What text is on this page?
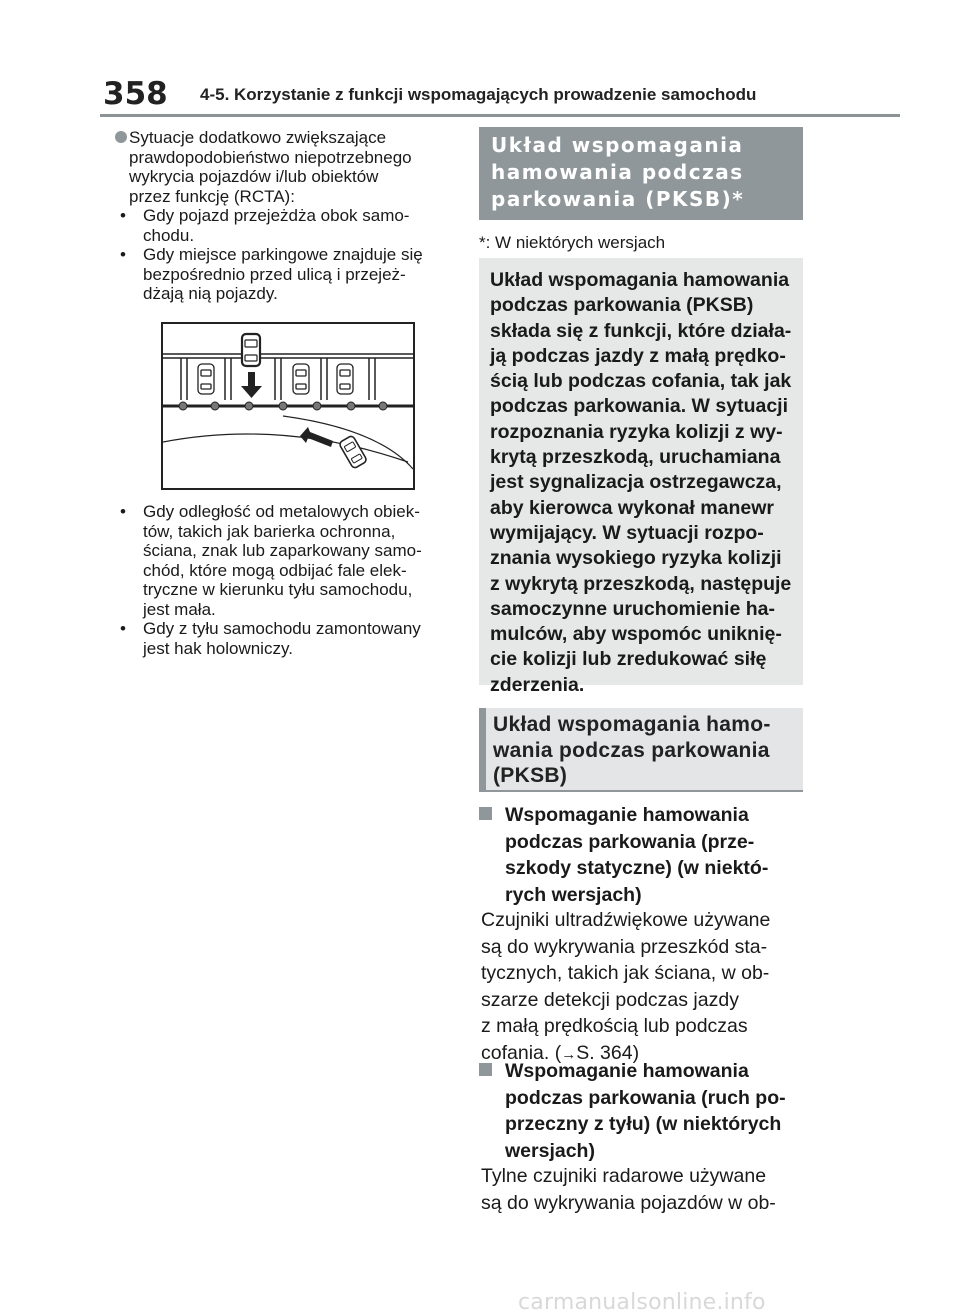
358 4-5. Korzystanie z funkcji wspomagających prowadzenie samochodu
Sytuacje dodatkowo zwiększające
prawdopodobieństwo niepotrzebnego
wykrycia pojazdów i/lub obiektów
przez funkcję (RCTA):
• Gdy pojazd przejeżdża obok samo-
chodu.
• Gdy miejsce parkingowe znajduje się
bezpośrednio przed ulicą i przejeż-
dżają nią pojazdy.
• Gdy odległość od metalowych obiek-
tów, takich jak barierka ochronna,
ściana, znak lub zaparkowany samo-
chód, które mogą odbijać fale elek-
tryczne w kierunku tyłu samochodu,
jest mała.
• Gdy z tyłu samochodu zamontowany
jest hak holowniczy.
Układ wspomagania
hamowania podczas
parkowania (PKSB)*
*: W niektórych wersjach

Układ wspomagania hamowania

podczas parkowania (PKSB)

składa się z funkcji, które działa-

ją podczas jazdy z małą prędko-

ścią lub podczas cofania, tak jak

podczas parkowania. W sytuacji

rozpoznania ryzyka kolizji z wy-

krytą przeszkodą, uruchamiana

jest sygnalizacja ostrzegawcza,

aby kierowca wykonał manewr

wymijający. W sytuacji rozpo-

znania wysokiego ryzyka kolizji

z wykrytą przeszkodą, następuje

samoczynne uruchomienie ha-

mulców, aby wspomóc uniknię-

cie kolizji lub zredukować siłę

zderzenia.

Układ wspomagania hamo-
wania podczas parkowania
(PKSB)
Wspomaganie hamowania
podczas parkowania (prze-
szkody statyczne) (w niektó-
rych wersjach)
Czujniki ultradźwiękowe używane
są do wykrywania przeszkód sta-
tycznych, takich jak ściana, w ob-
szarze detekcji podczas jazdy
z małą prędkością lub podczas
cofania. (→S. 364)
Wspomaganie hamowania
podczas parkowania (ruch po-
przeczny z tyłu) (w niektórych
wersjach)
Tylne czujniki radarowe używane
są do wykrywania pojazdów w ob-
carmanualsonline.info
